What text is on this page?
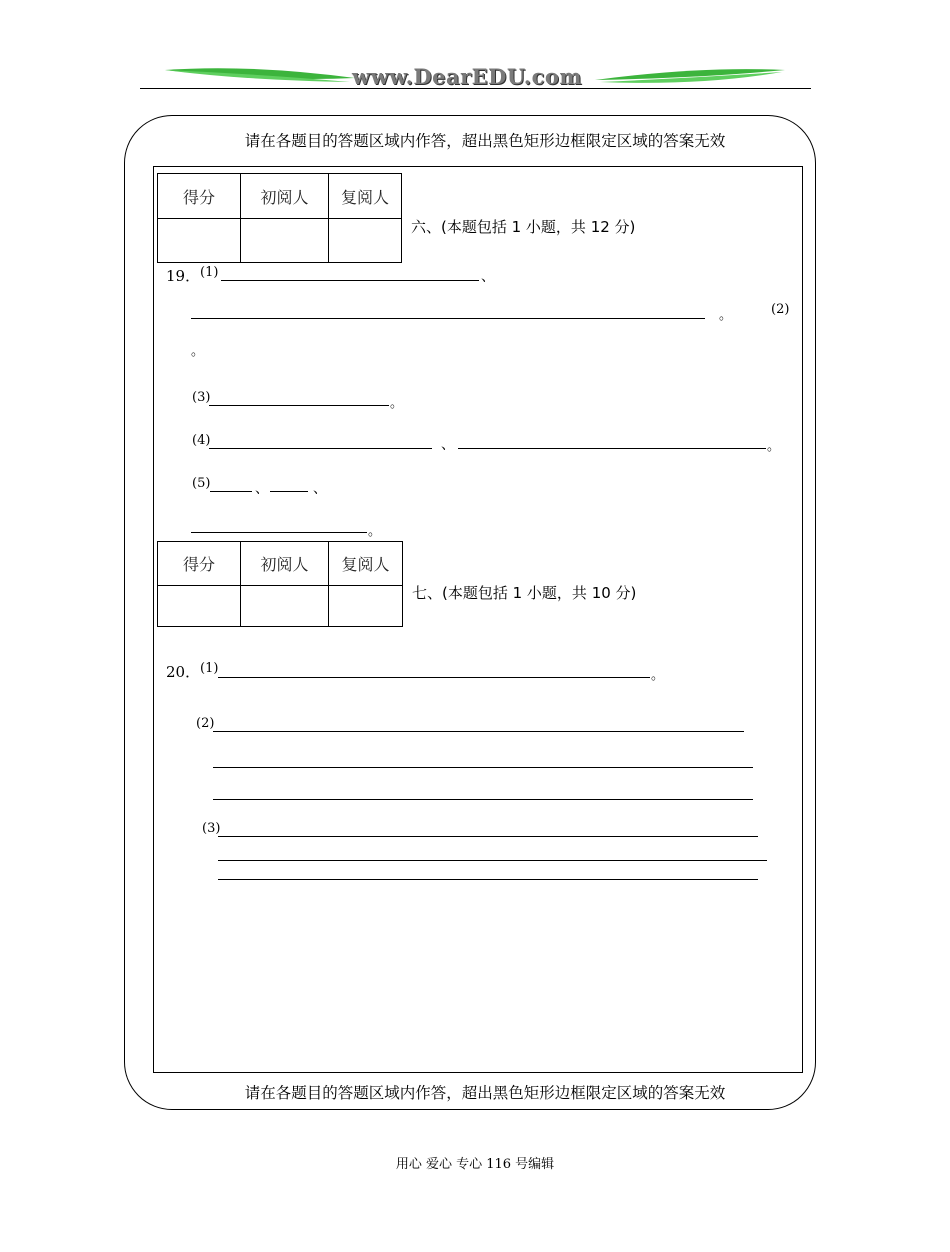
www.DearEDU.com
请在各题目的答题区域内作答，超出黑色矩形边框限定区域的答案无效
请在各题目的答题区域内作答，超出黑色矩形边框限定区域的答案无效
得分	初阅人	复阅人

六、(本题包括 1 小题，共 12 分)
19． (1)	、
。	(2)
。
(3)	。
(4)	、	。
(5)	、	、
。
得分	初阅人	复阅人

七、(本题包括 1 小题，共 10 分)
20． (1)	。
(2)
(3)
用心 爱心 专心 116 号编辑
